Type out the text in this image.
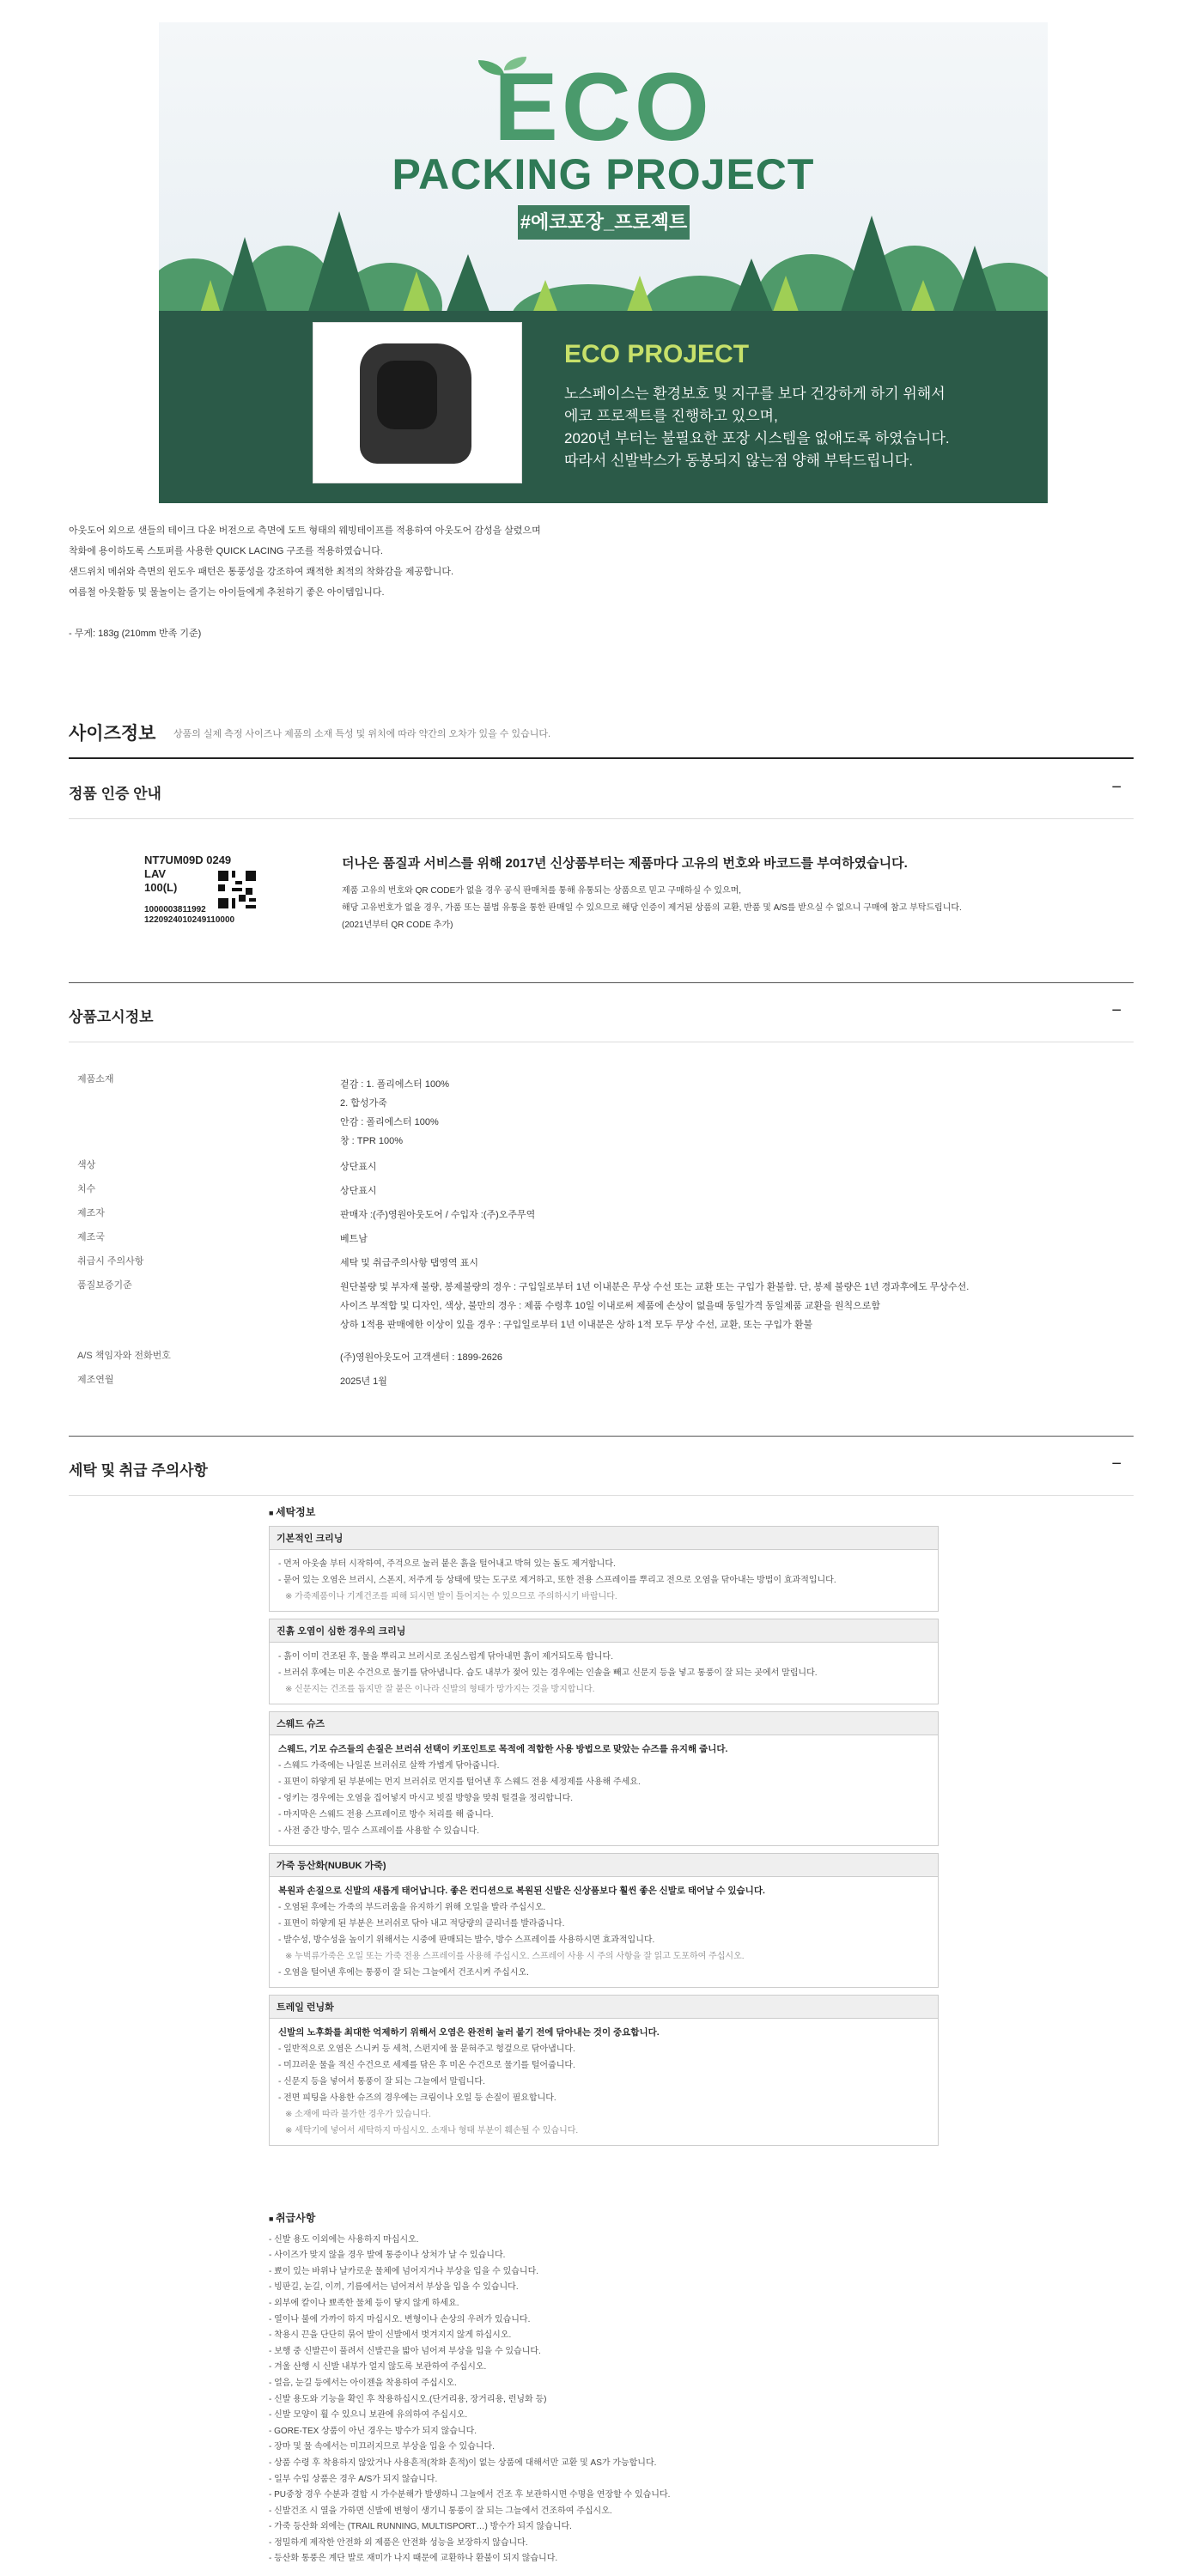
ECO
PACKING PROJECT
#에코포장_프로젝트
ECO PROJECT
노스페이스는 환경보호 및 지구를 보다 건강하게 하기 위해서
에코 프로젝트를 진행하고 있으며,
2020년 부터는 불필요한 포장 시스템을 없애도록 하였습니다.
따라서 신발박스가 동봉되지 않는점 양해 부탁드립니다.
아웃도어 외으로 샌들의 테이크 다운 버전으로 측면에 도트 형태의 웨빙테이프를 적용하여 아웃도어 감성을 살렸으며
착화에 용이하도록 스토퍼를 사용한 QUICK LACING 구조를 적용하였습니다.
샌드위치 메쉬와 측면의 윈도우 패턴은 통풍성을 강조하여 쾌적한 최적의 착화감을 제공합니다.
여름철 아웃활동 및 물놀이는 즐기는 아이들에게 추천하기 좋은 아이템입니다.
- 무게: 183g (210mm 반족 기준)
사이즈정보 상품의 실제 측정 사이즈나 제품의 소재 특성 및 위치에 따라 약간의 오차가 있을 수 있습니다.
정품 인증 안내	−
NT7UM09D 0249
LAV
100(L)
1000003811992
1220924010249110000
더나은 품질과 서비스를 위해 2017년 신상품부터는 제품마다 고유의 번호와 바코드를 부여하였습니다.
제품 고유의 번호와 QR CODE가 없을 경우 공식 판매처를 통해 유통되는 상품으로 믿고 구매하실 수 있으며,
해당 고유번호가 없을 경우, 가품 또는 불법 유통을 통한 판매일 수 있으므로 해당 인증이 제거된 상품의 교환, 반품 및 A/S를 받으실 수 없으니 구매에 참고 부탁드립니다.
(2021년부터 QR CODE 추가)
상품고시정보	−
제품소재	겉감 : 1. 폴리에스터 100%
2. 합성가죽
안감 : 폴리에스터 100%
창 : TPR 100%
색상	상단표시
치수	상단표시
제조자	판매자 :(주)영원아웃도어 / 수입자 :(주)오주무역
제조국	베트남
취급시 주의사항	세탁 및 취급주의사항 탭영역 표시
품질보증기준	원단불량 및 부자재 불량, 봉제불량의 경우 : 구입일로부터 1년 이내분은 무상 수선 또는 교환 또는 구입가 환불함. 단, 봉제 불량은 1년 경과후에도 무상수선.
사이즈 부적합 및 디자인, 색상, 불만의 경우 : 제품 수령후 10일 이내로써 제품에 손상이 없을때 동일가격 동일제품 교환을 원칙으로함
상하 1적용 판매에한 이상이 있을 경우 : 구입일로부터 1년 이내분은 상하 1적 모두 무상 수선, 교환, 또는 구입가 환불
A/S 책임자와 전화번호	(주)영원아웃도어 고객센터 : 1899-2626
제조연월	2025년 1월
세탁 및 취급 주의사항	−
■ 세탁정보
기본적인 크리닝
- 먼저 아웃솔 부터 시작하여, 주걱으로 눌러 붙은 흙을 털어내고 박혀 있는 돌도 제거합니다.
- 묻어 있는 오염은 브러시, 스폰지, 저주게 등 상태에 맞는 도구로 제거하고, 또한 전용 스프레이를 뿌리고 전으로 오염을 닦아내는 방법이 효과적입니다.
※ 가죽제품이나 기계건조를 피해 되시면 발이 틀어지는 수 있으므로 주의하시기 바랍니다.
진흙 오염이 심한 경우의 크리닝
- 흙이 이미 건조된 후, 물을 뿌리고 브러시로 조심스럽게 닦아내면 흙이 제거되도록 합니다.
- 브러쉬 후에는 미온 수건으로 물기를 닦아냅니다. 습도 내부가 젖어 있는 경우에는 인솔을 빼고 신문지 등을 넣고 통풍이 잘 되는 곳에서 말립니다.
※ 신문지는 건조를 돕지만 잘 붙은 이나라 신발의 형태가 망가지는 것을 방지합니다.
스웨드 슈즈
스웨드, 기모 슈즈들의 손질은 브러쉬 선택이 키포인트로 목적에 적합한 사용 방법으로 맞았는 슈즈를 유지해 줍니다.
- 스웨드 가죽에는 나일론 브러쉬로 살짝 가볍게 닦아줍니다.
- 표면이 하얗게 된 부분에는 먼지 브러쉬로 먼지를 털어낸 후 스웨드 전용 세정제를 사용해 주세요.
- 엉키는 경우에는 오염을 집어넣지 마시고 빗질 방향을 맞춰 털결을 정리합니다.
- 마지막은 스웨드 전용 스프레이로 방수 처리를 해 줍니다.
- 사전 중간 방수, 밀수 스프레이를 사용할 수 있습니다.
가죽 등산화(NUBUK 가죽)
복원과 손질으로 신발의 새롭게 태어납니다. 좋은 컨디션으로 복원된 신발은 신상품보다 훨씬 좋은 신발로 태어날 수 있습니다.
- 오염된 후에는 가죽의 부드러움을 유지하기 위해 오일을 발라 주십시오.
- 표면이 하얗게 된 부분은 브러쉬로 닦아 내고 적당량의 클리너를 발라줍니다.
- 발수성, 방수성을 높이기 위해서는 시중에 판매되는 발수, 방수 스프레이를 사용하시면 효과적입니다.
※ 누벅류가죽은 오일 또는 가죽 전용 스프레이를 사용해 주십시오. 스프레이 사용 시 주의 사항을 잘 읽고 도포하여 주십시오.
- 오염을 털어낸 후에는 통풍이 잘 되는 그늘에서 건조시켜 주십시오.
트레일 런닝화
신발의 노후화를 최대한 억제하기 위해서 오염은 완전히 눌러 붙기 전에 닦아내는 것이 중요합니다.
- 일반적으로 오염은 스니커 등 세척, 스펀지에 물 묻혀주고 헝겊으로 닦아냅니다.
- 미끄러운 물을 적신 수건으로 세제를 닦은 후 미온 수건으로 물기를 털어줍니다.
- 신문지 등을 넣어서 통풍이 잘 되는 그늘에서 말립니다.
- 전면 피팅을 사용한 슈즈의 경우에는 크림이나 오일 등 손질이 필요합니다.
※ 소재에 따라 불가한 경우가 있습니다.
※ 세탁기에 넣어서 세탁하지 마십시오. 소재나 형태 부분이 훼손될 수 있습니다.
■ 취급사항
- 신발 용도 이외에는 사용하지 마십시오.
- 사이즈가 맞지 않을 경우 발에 통증이나 상처가 날 수 있습니다.
- 뾰이 있는 바위나 날카로운 물체에 넘어지거나 부상을 입을 수 있습니다.
- 빙판길, 눈길, 이끼, 기름에서는 넘어져서 부상을 입을 수 있습니다.
- 외부에 칼이나 뾰족한 물체 등이 닿지 않게 하세요.
- 열이나 불에 가까이 하지 마십시오. 변형이나 손상의 우려가 있습니다.
- 착용시 끈을 단단히 묶어 발이 신발에서 벗겨지지 않게 하십시오.
- 보행 중 신발끈이 풀려서 신발끈을 밟아 넘어져 부상을 입을 수 있습니다.
- 겨울 산행 시 신발 내부가 얼지 않도록 보관하여 주십시오.
- 얼음, 눈길 등에서는 아이젠을 착용하여 주십시오.
- 신발 용도와 기능을 확인 후 착용하십시오.(단거리용, 장거리용, 런닝화 등)
- 신발 모양이 휠 수 있으니 보관에 유의하여 주십시오.
- GORE-TEX 상품이 아닌 경우는 방수가 되지 않습니다.
- 장마 및 물 속에서는 미끄러지므로 부상을 입을 수 있습니다.
- 상품 수령 후 착용하지 않았거나 사용흔적(착화 흔적)이 없는 상품에 대해서만 교환 및 AS가 가능합니다.
- 일부 수입 상품은 경우 A/S가 되지 않습니다.
- PU중창 경우 수분과 결합 시 가수분해가 발생하니 그늘에서 건조 후 보관하시면 수명을 연장할 수 있습니다.
- 신발건조 시 열을 가하면 신발에 변형이 생기니 통풍이 잘 되는 그늘에서 건조하여 주십시오.
- 가죽 등산화 외에는 (TRAIL RUNNING, MULTISPORT…) 방수가 되지 않습니다.
- 정밀하게 제작한 안전화 외 제품은 안전화 성능을 보장하지 않습니다.
- 등산화 통풍은 계단 발로 재미가 나지 때문에 교환하나 환불이 되지 않습니다.
